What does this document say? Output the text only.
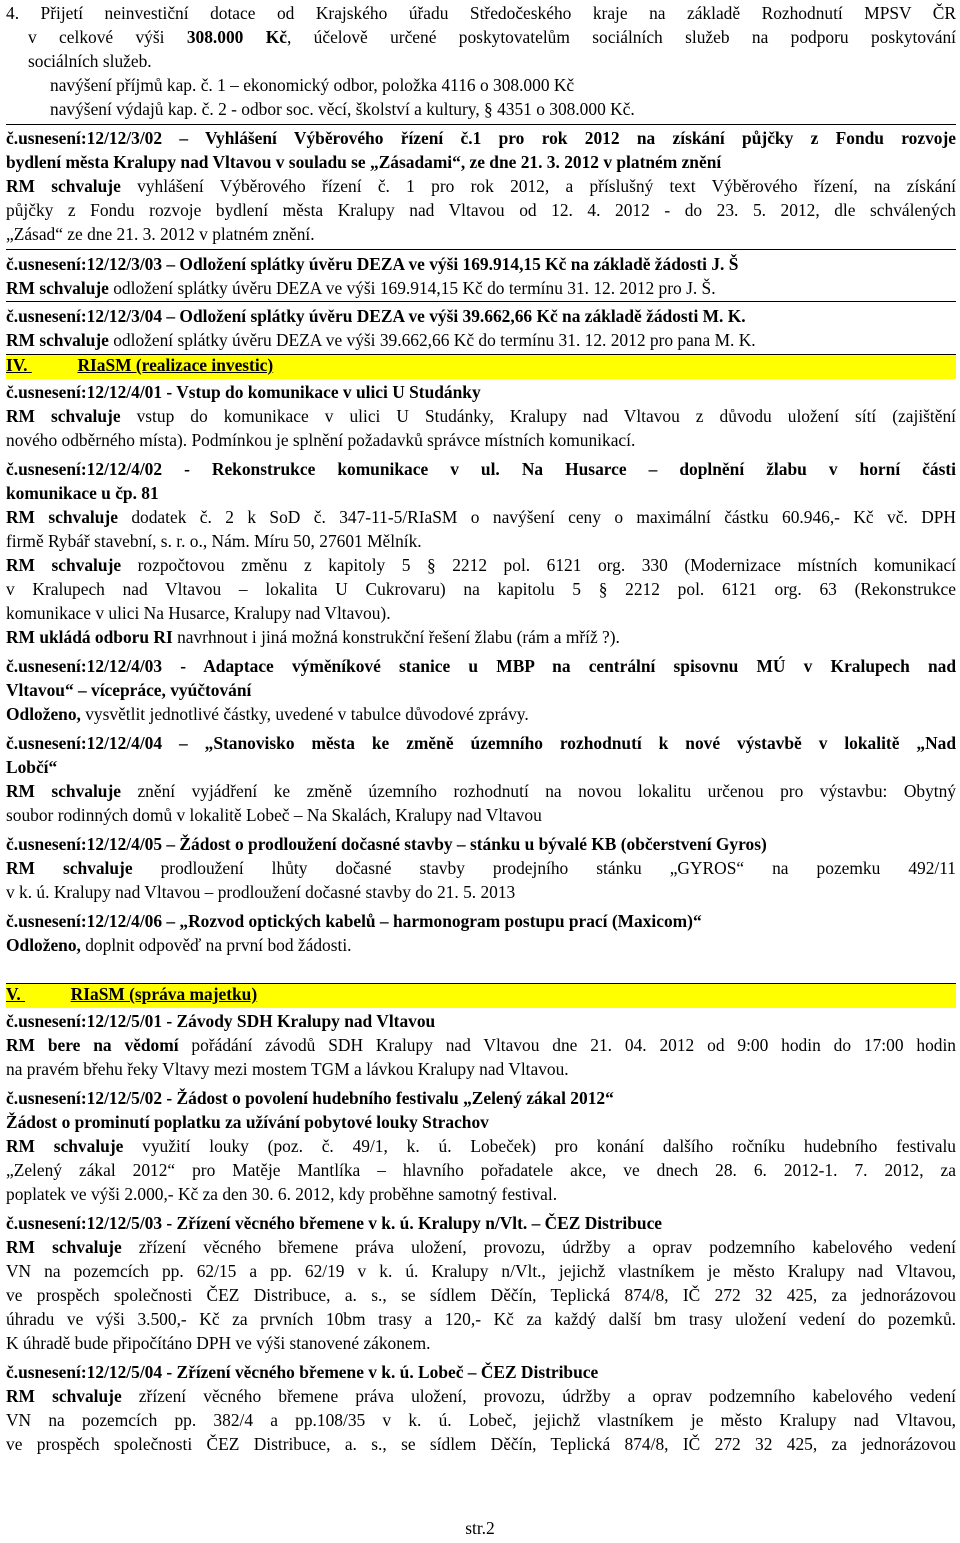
IV.	RIaSM (realizace investic)
V.	RIaSM (správa majetku)
4. Přijetí neinvestiční dotace od Krajského úřadu Středočeského kraje na základě Rozhodnutí MPSV ČR
v celkové výši 308.000 Kč, účelově určené poskytovatelům sociálních služeb na podporu poskytování
sociálních služeb.
navýšení příjmů kap. č. 1 – ekonomický odbor, položka 4116 o 308.000 Kč
navýšení výdajů kap. č. 2 - odbor soc. věcí, školství a kultury, § 4351 o 308.000 Kč.
č.usnesení:12/12/3/02 – Vyhlášení Výběrového řízení č.1 pro rok 2012 na získání půjčky z Fondu rozvoje
bydlení města Kralupy nad Vltavou v souladu se „Zásadami“, ze dne 21. 3. 2012 v platném znění
RM schvaluje vyhlášení Výběrového řízení č. 1 pro rok 2012, a příslušný text Výběrového řízení, na získání
půjčky z Fondu rozvoje bydlení města Kralupy nad Vltavou od 12. 4. 2012 - do 23. 5. 2012, dle schválených
„Zásad“ ze dne 21. 3. 2012 v platném znění.
č.usnesení:12/12/3/03 – Odložení splátky úvěru DEZA ve výši 169.914,15 Kč na základě žádosti J. Š
RM schvaluje odložení splátky úvěru DEZA ve výši 169.914,15 Kč do termínu 31. 12. 2012 pro J. Š.
č.usnesení:12/12/3/04 – Odložení splátky úvěru DEZA ve výši 39.662,66 Kč na základě žádosti M. K.
RM schvaluje odložení splátky úvěru DEZA ve výši 39.662,66 Kč do termínu 31. 12. 2012 pro pana M. K.
č.usnesení:12/12/4/01 - Vstup do komunikace v ulici U Studánky
RM schvaluje vstup do komunikace v ulici U Studánky, Kralupy nad Vltavou z důvodu uložení sítí (zajištění
nového odběrného místa). Podmínkou je splnění požadavků správce místních komunikací.
č.usnesení:12/12/4/02 - Rekonstrukce komunikace v ul. Na Husarce – doplnění žlabu v horní části
komunikace u čp. 81
RM schvaluje dodatek č. 2 k SoD č. 347-11-5/RIaSM o navýšení ceny o maximální částku 60.946,- Kč vč. DPH
firmě Rybář stavební, s. r. o., Nám. Míru 50, 27601 Mělník.
RM schvaluje rozpočtovou změnu z kapitoly 5 § 2212 pol. 6121 org. 330 (Modernizace místních komunikací
v Kralupech nad Vltavou – lokalita U Cukrovaru) na kapitolu 5 § 2212 pol. 6121 org. 63 (Rekonstrukce
komunikace v ulici Na Husarce, Kralupy nad Vltavou).
RM ukládá odboru RI navrhnout i jiná možná konstrukční řešení žlabu (rám a mříž ?).
č.usnesení:12/12/4/03 - Adaptace výměníkové stanice u MBP na centrální spisovnu MÚ v Kralupech nad
Vltavou“ – vícepráce, vyúčtování
Odloženo, vysvětlit jednotlivé částky, uvedené v tabulce důvodové zprávy.
č.usnesení:12/12/4/04 – „Stanovisko města ke změně územního rozhodnutí k nové výstavbě v lokalitě „Nad
Lobčí“
RM schvaluje znění vyjádření ke změně územního rozhodnutí na novou lokalitu určenou pro výstavbu: Obytný
soubor rodinných domů v lokalitě Lobeč – Na Skalách, Kralupy nad Vltavou
č.usnesení:12/12/4/05 – Žádost o prodloužení dočasné stavby – stánku u bývalé KB (občerstvení Gyros)
RM schvaluje prodloužení lhůty dočasné stavby prodejního stánku „GYROS“ na pozemku 492/11
v k. ú. Kralupy nad Vltavou – prodloužení dočasné stavby do 21. 5. 2013
č.usnesení:12/12/4/06 – „Rozvod optických kabelů – harmonogram postupu prací (Maxicom)“
Odloženo, doplnit odpověď na první bod žádosti.
č.usnesení:12/12/5/01 - Závody SDH Kralupy nad Vltavou
RM bere na vědomí pořádání závodů SDH Kralupy nad Vltavou dne 21. 04. 2012 od 9:00 hodin do 17:00 hodin
na pravém břehu řeky Vltavy mezi mostem TGM a lávkou Kralupy nad Vltavou.
č.usnesení:12/12/5/02 - Žádost o povolení hudebního festivalu „Zelený zákal 2012“
Žádost o prominutí poplatku za užívání pobytové louky Strachov
RM schvaluje využití louky (poz. č. 49/1, k. ú. Lobeček) pro konání dalšího ročníku hudebního festivalu
„Zelený zákal 2012“ pro Matěje Mantlíka – hlavního pořadatele akce, ve dnech 28. 6. 2012-1. 7. 2012, za
poplatek ve výši 2.000,- Kč za den 30. 6. 2012, kdy proběhne samotný festival.
č.usnesení:12/12/5/03 - Zřízení věcného břemene v k. ú. Kralupy n/Vlt. – ČEZ Distribuce
RM schvaluje zřízení věcného břemene práva uložení, provozu, údržby a oprav podzemního kabelového vedení
VN na pozemcích pp. 62/15 a pp. 62/19 v k. ú. Kralupy n/Vlt., jejichž vlastníkem je město Kralupy nad Vltavou,
ve prospěch společnosti ČEZ Distribuce, a. s., se sídlem Děčín, Teplická 874/8, IČ 272 32 425, za jednorázovou
úhradu ve výši 3.500,- Kč za prvních 10bm trasy a 120,- Kč za každý další bm trasy uložení vedení do pozemků.
K úhradě bude připočítáno DPH ve výši stanovené zákonem.
č.usnesení:12/12/5/04 - Zřízení věcného břemene v k. ú. Lobeč – ČEZ Distribuce
RM schvaluje zřízení věcného břemene práva uložení, provozu, údržby a oprav podzemního kabelového vedení
VN na pozemcích pp. 382/4 a pp.108/35 v k. ú. Lobeč, jejichž vlastníkem je město Kralupy nad Vltavou,
ve prospěch společnosti ČEZ Distribuce, a. s., se sídlem Děčín, Teplická 874/8, IČ 272 32 425, za jednorázovou
str.2
